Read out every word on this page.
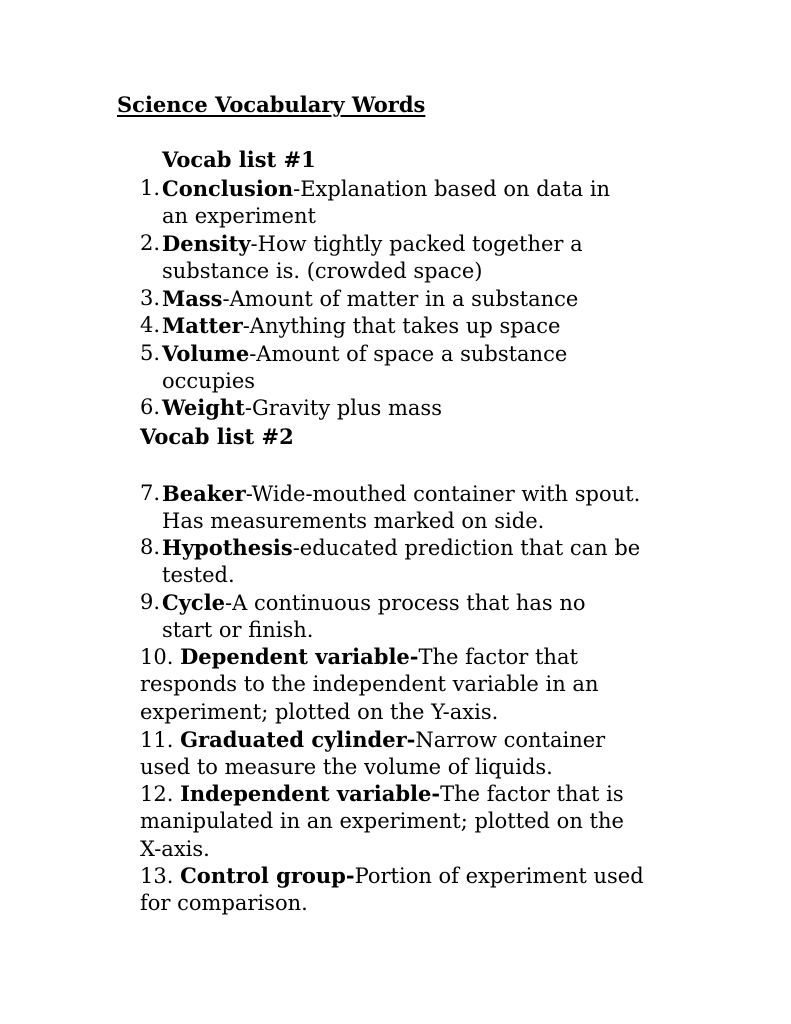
Science Vocabulary Words
Vocab list #1
1. Conclusion-Explanation based on data in
an experiment
2. Density-How tightly packed together a
substance is. (crowded space)
3. Mass-Amount of matter in a substance
4. Matter-Anything that takes up space
5. Volume-Amount of space a substance
occupies
6. Weight-Gravity plus mass
Vocab list #2
7. Beaker-Wide-mouthed container with spout.
Has measurements marked on side.
8. Hypothesis-educated prediction that can be
tested.
9. Cycle-A continuous process that has no
start or finish.
10. Dependent variable-The factor that
responds to the independent variable in an
experiment; plotted on the Y-axis.
11. Graduated cylinder-Narrow container
used to measure the volume of liquids.
12. Independent variable-The factor that is
manipulated in an experiment; plotted on the
X-axis.
13. Control group-Portion of experiment used
for comparison.
